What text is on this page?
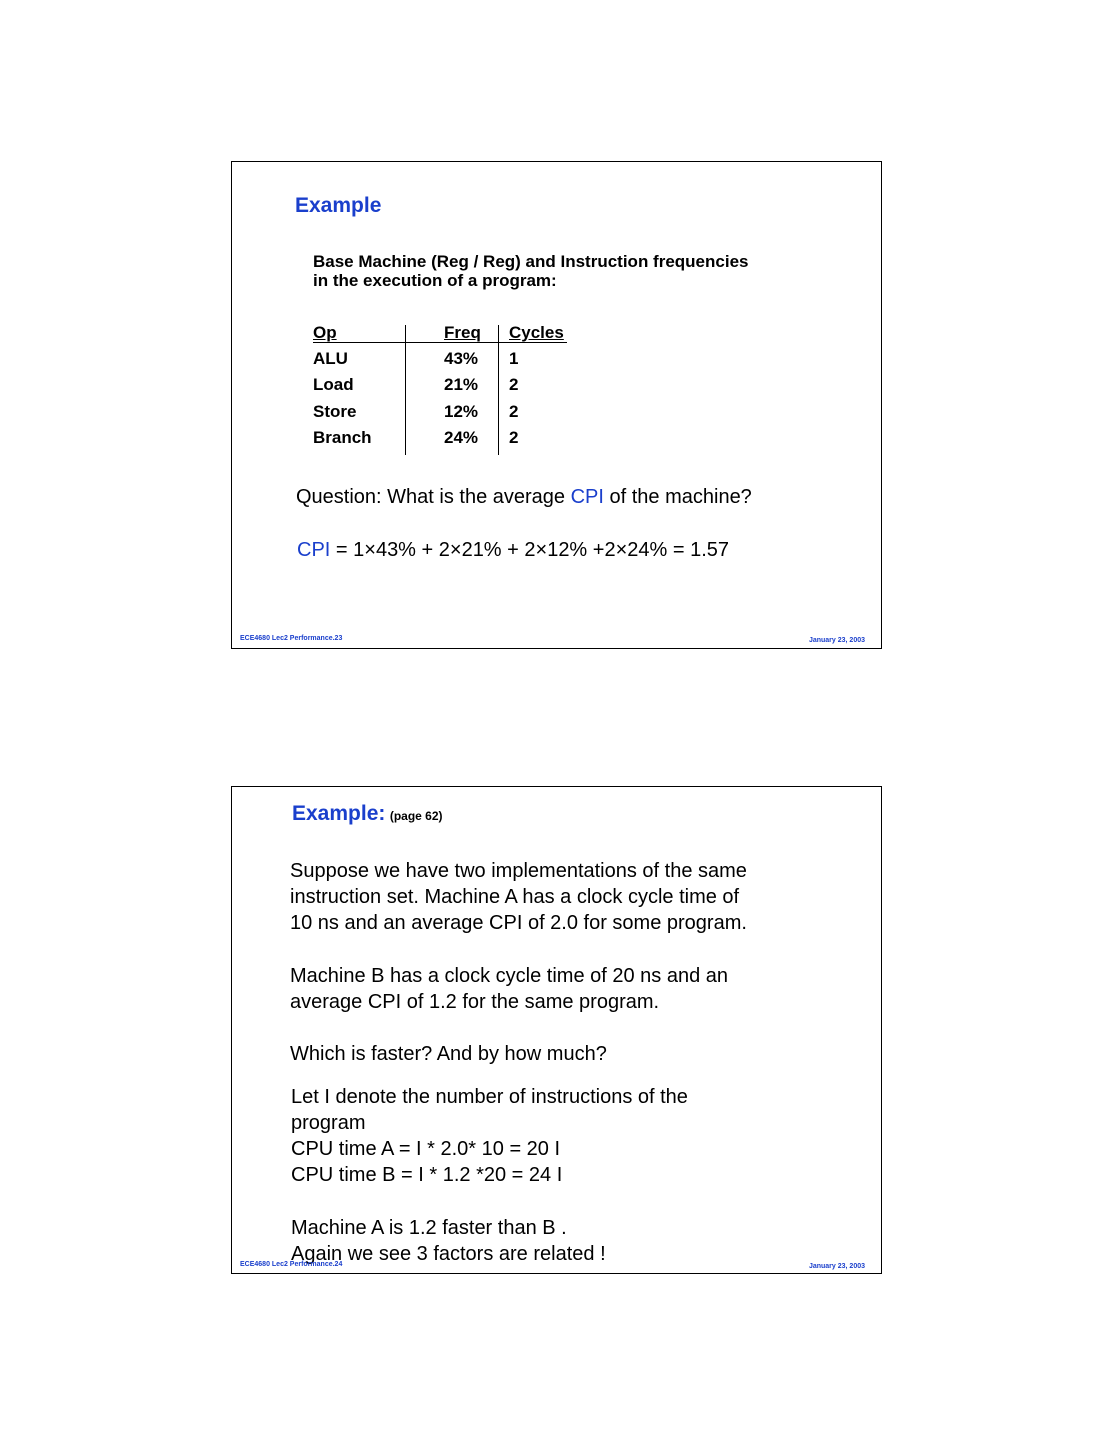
Example
Base Machine (Reg / Reg) and Instruction frequencies
in the execution of a program:
Op	Freq Cycles
ALU	43% 1
Load	21% 2
Store	12% 2
Branch	24% 2
Question: What is the average CPI of the machine?
CPI = 1×43% + 2×21% + 2×12% +2×24% = 1.57
ECE4680 Lec2 Performance.23	January 23, 2003
Example: (page 62)
Suppose we have two implementations of the same
instruction set. Machine A has a clock cycle time of
10 ns and an average CPI of 2.0 for some program.
Machine B has a clock cycle time of 20 ns and an
average CPI of 1.2 for the same program.
Which is faster? And by how much?
Let I denote the number of instructions of the
program
CPU time A = I * 2.0* 10 = 20 I
CPU time B = I * 1.2 *20 = 24 I
Machine A is 1.2 faster than B .
Again we see 3 factors are related !
ECE4680 Lec2 Performance.24	January 23, 2003
